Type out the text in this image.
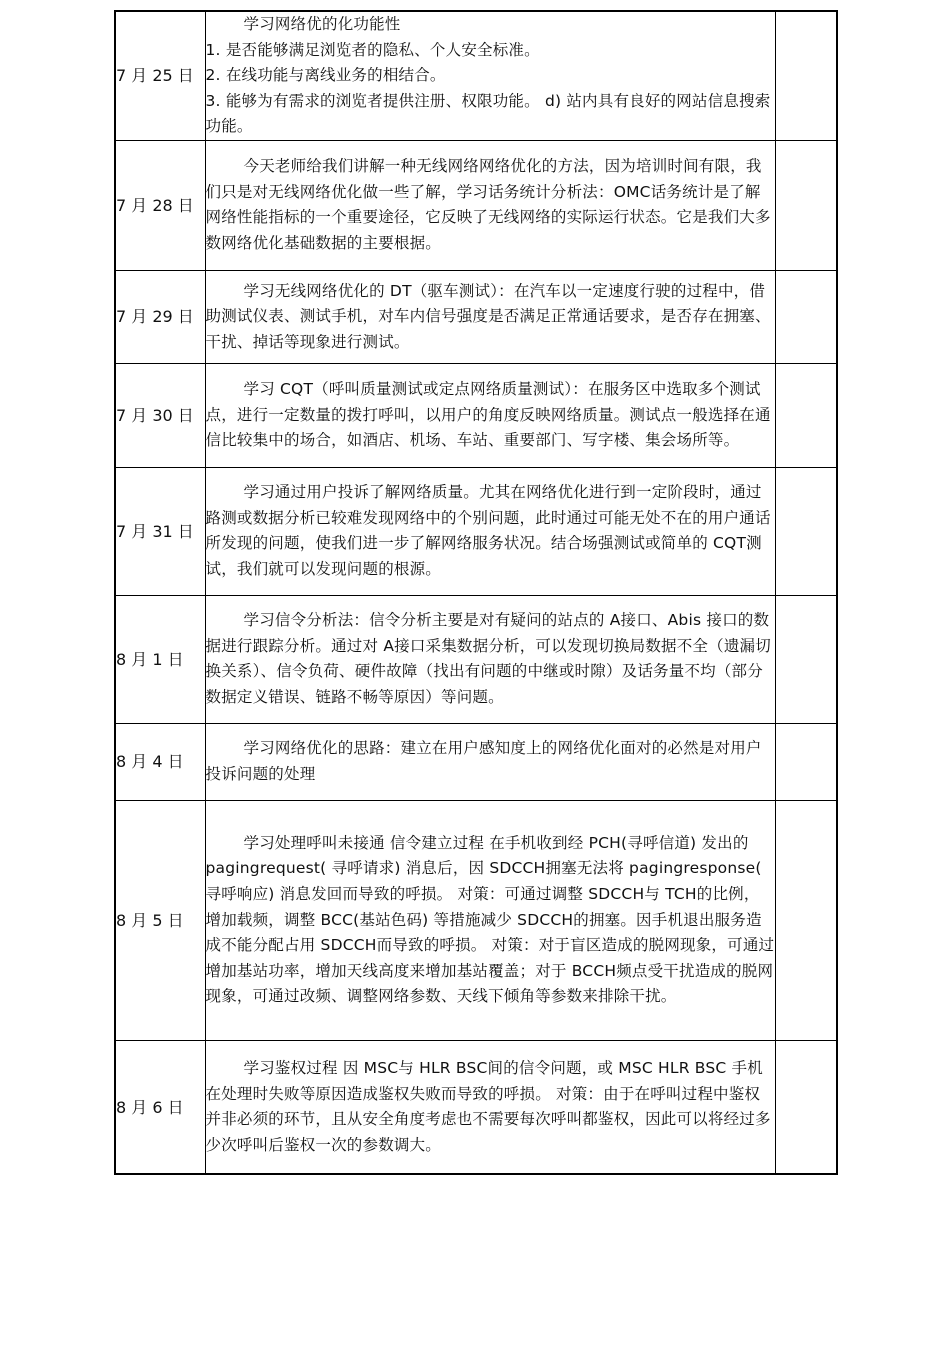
7 月 25 日	学习网络优的化功能性

1. 是否能够满足浏览者的隐私、个人安全标准。

2. 在线功能与离线业务的相结合。

3. 能够为有需求的浏览者提供注册、权限功能。 d) 站内具有良好的网站信息搜索功能。	

7 月 28 日	今天老师给我们讲解一种无线网络网络优化的方法，因为培训时间有限，我们只是对无线网络优化做一些了解，学习话务统计分析法：OMC话务统计是了解网络性能指标的一个重要途径，它反映了无线网络的实际运行状态。它是我们大多数网络优化基础数据的主要根据。	

7 月 29 日	学习无线网络优化的 DT（驱车测试）：在汽车以一定速度行驶的过程中，借助测试仪表、测试手机，对车内信号强度是否满足正常通话要求，是否存在拥塞、干扰、掉话等现象进行测试。	

7 月 30 日	学习 CQT（呼叫质量测试或定点网络质量测试）：在服务区中选取多个测试点，进行一定数量的拨打呼叫，以用户的角度反映网络质量。测试点一般选择在通信比较集中的场合，如酒店、机场、车站、重要部门、写字楼、集会场所等。	

7 月 31 日	学习通过用户投诉了解网络质量。尤其在网络优化进行到一定阶段时，通过路测或数据分析已较难发现网络中的个别问题，此时通过可能无处不在的用户通话所发现的问题，使我们进一步了解网络服务状况。结合场强测试或简单的 CQT测试，我们就可以发现问题的根源。	

8 月 1 日	学习信令分析法：信令分析主要是对有疑问的站点的 A接口、Abis 接口的数据进行跟踪分析。通过对 A接口采集数据分析，可以发现切换局数据不全（遗漏切换关系）、信令负荷、硬件故障（找出有问题的中继或时隙）及话务量不均（部分数据定义错误、链路不畅等原因）等问题。	

8 月 4 日	学习网络优化的思路：建立在用户感知度上的网络优化面对的必然是对用户投诉问题的处理	

8 月 5 日	学习处理呼叫未接通 信令建立过程 在手机收到经 PCH(寻呼信道) 发出的 pagingrequest( 寻呼请求) 消息后，因 SDCCH拥塞无法将 pagingresponse( 寻呼响应) 消息发回而导致的呼损。 对策：可通过调整 SDCCH与 TCH的比例，增加载频，调整 BCC(基站色码) 等措施减少 SDCCH的拥塞。因手机退出服务造成不能分配占用 SDCCH而导致的呼损。 对策：对于盲区造成的脱网现象，可通过增加基站功率，增加天线高度来增加基站覆盖；对于 BCCH频点受干扰造成的脱网现象，可通过改频、调整网络参数、天线下倾角等参数来排除干扰。	

8 月 6 日	学习鉴权过程 因 MSC与 HLR BSC间的信令问题，或 MSC HLR BSC 手机在处理时失败等原因造成鉴权失败而导致的呼损。 对策：由于在呼叫过程中鉴权并非必须的环节，且从安全角度考虑也不需要每次呼叫都鉴权，因此可以将经过多少次呼叫后鉴权一次的参数调大。	
